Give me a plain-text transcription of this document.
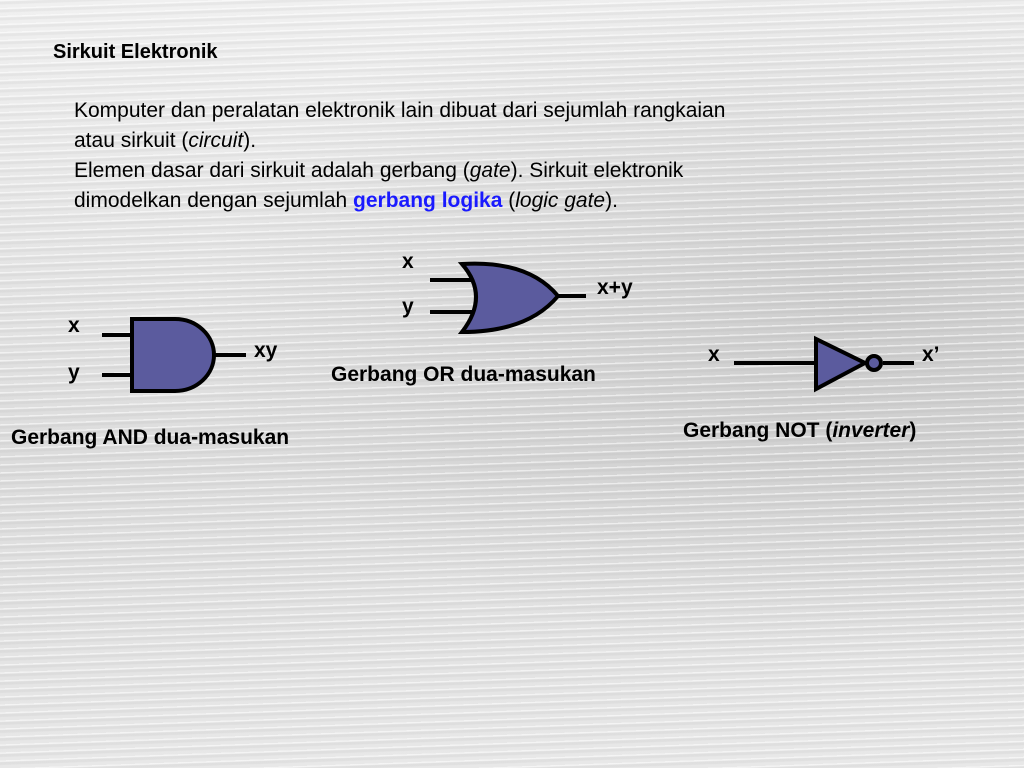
Sirkuit Elektronik
Komputer dan peralatan elektronik lain dibuat dari sejumlah rangkaian
atau sirkuit (circuit).
Elemen dasar dari sirkuit adalah gerbang (gate). Sirkuit elektronik
dimodelkan dengan sejumlah gerbang logika (logic gate).
x
y
xy
Gerbang AND dua-masukan
x
y
x+y
Gerbang OR dua-masukan
x	x’
Gerbang NOT (inverter)
